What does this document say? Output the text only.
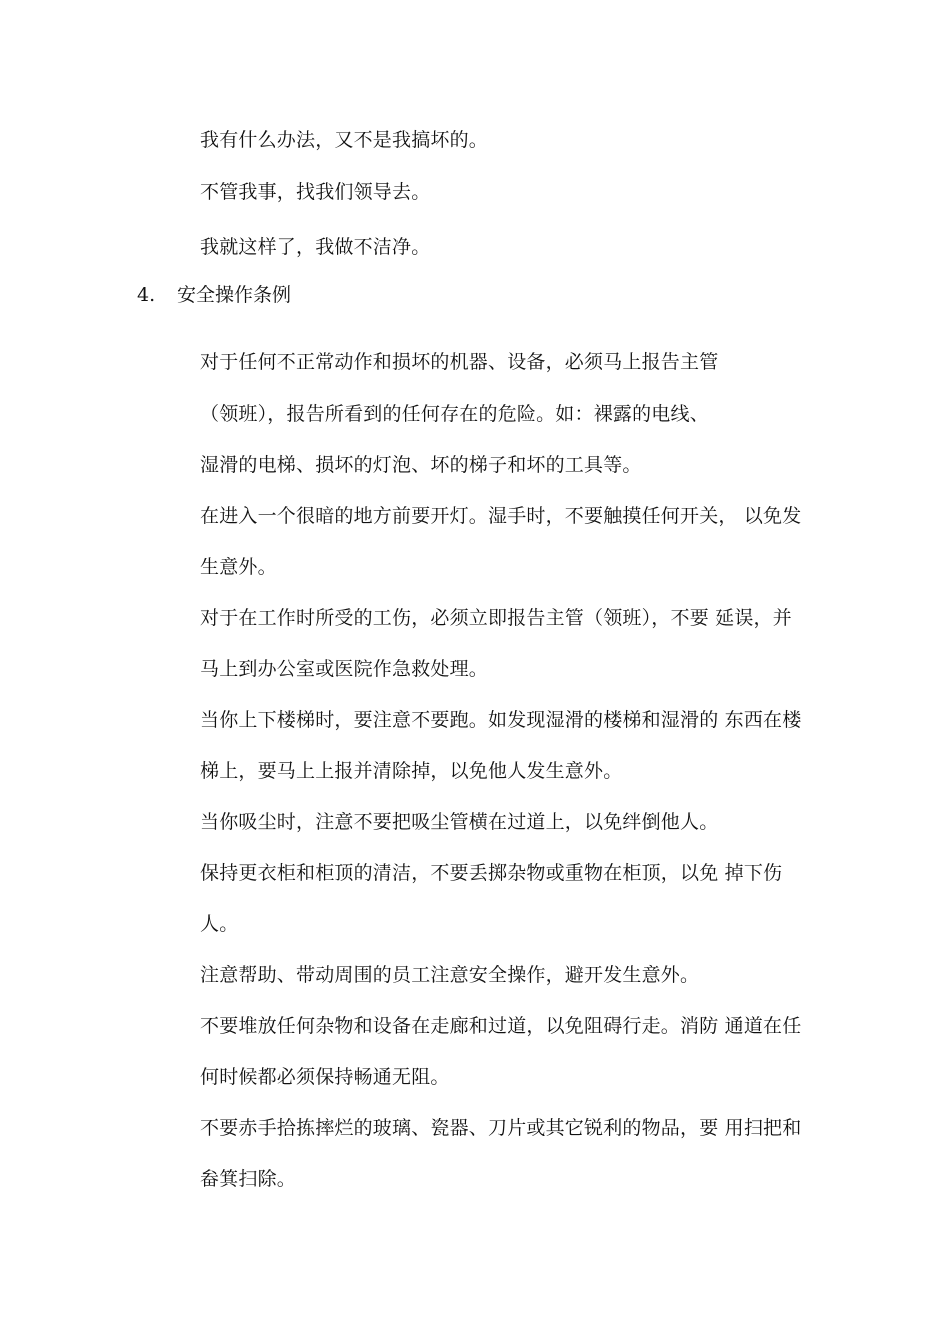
我有什么办法，又不是我搞坏的。
不管我事，找我们领导去。
我就这样了，我做不洁净。
4. 安全操作条例
对于任何不正常动作和损坏的机器、设备，必须马上报告主管
（领班），报告所看到的任何存在的危险。如：裸露的电线、
湿滑的电梯、损坏的灯泡、坏的梯子和坏的工具等。
在进入一个很暗的地方前要开灯。湿手时，不要触摸任何开关， 以免发
生意外。
对于在工作时所受的工伤，必须立即报告主管（领班），不要 延误，并
马上到办公室或医院作急救处理。
当你上下楼梯时，要注意不要跑。如发现湿滑的楼梯和湿滑的 东西在楼
梯上，要马上上报并清除掉，以免他人发生意外。
当你吸尘时，注意不要把吸尘管横在过道上，以免绊倒他人。
保持更衣柜和柜顶的清洁，不要丢掷杂物或重物在柜顶，以免 掉下伤
人。
注意帮助、带动周围的员工注意安全操作，避开发生意外。
不要堆放任何杂物和设备在走廊和过道，以免阻碍行走。消防 通道在任
何时候都必须保持畅通无阻。
不要赤手拾拣摔烂的玻璃、瓷器、刀片或其它锐利的物品，要 用扫把和
畚箕扫除。
